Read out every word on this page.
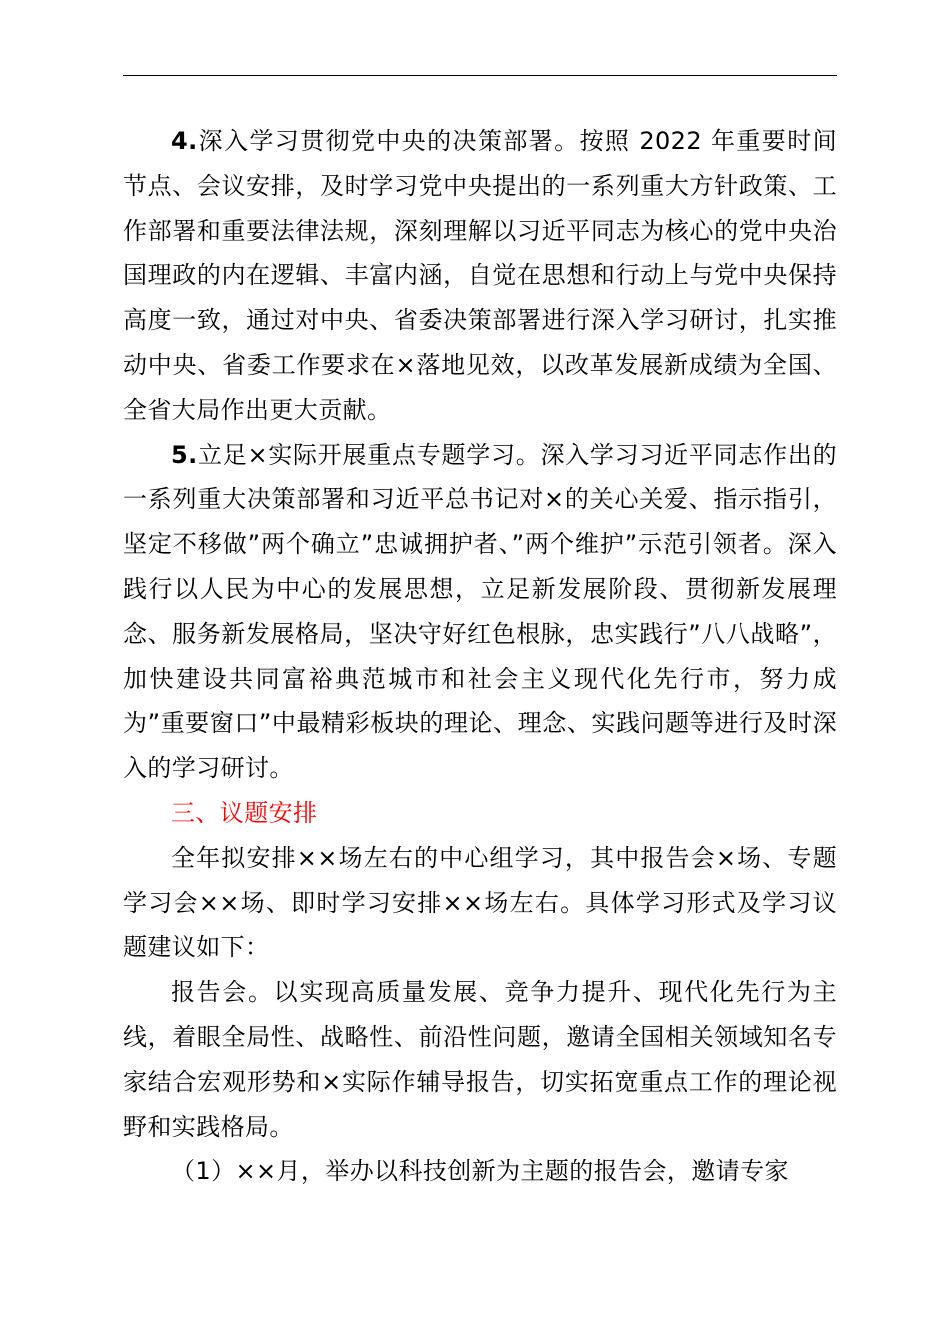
4.深入学习贯彻党中央的决策部署。按照 2022 年重要时间节点、会议安排，及时学习党中央提出的一系列重大方针政策、工作部署和重要法律法规，深刻理解以习近平同志为核心的党中央治国理政的内在逻辑、丰富内涵，自觉在思想和行动上与党中央保持高度一致，通过对中央、省委决策部署进行深入学习研讨，扎实推动中央、省委工作要求在×落地见效，以改革发展新成绩为全国、全省大局作出更大贡献。

5.立足×实际开展重点专题学习。深入学习习近平同志作出的一系列重大决策部署和习近平总书记对×的关心关爱、指示指引，坚定不移做”两个确立”忠诚拥护者、”两个维护”示范引领者。深入践行以人民为中心的发展思想，立足新发展阶段、贯彻新发展理念、服务新发展格局，坚决守好红色根脉，忠实践行”八八战略”，加快建设共同富裕典范城市和社会主义现代化先行市，努力成为”重要窗口”中最精彩板块的理论、理念、实践问题等进行及时深入的学习研讨。

三、议题安排

全年拟安排××场左右的中心组学习，其中报告会×场、专题学习会××场、即时学习安排××场左右。具体学习形式及学习议题建议如下：

报告会。以实现高质量发展、竞争力提升、现代化先行为主线，着眼全局性、战略性、前沿性问题，邀请全国相关领域知名专家结合宏观形势和×实际作辅导报告，切实拓宽重点工作的理论视野和实践格局。

（1）××月，举办以科技创新为主题的报告会，邀请专家
